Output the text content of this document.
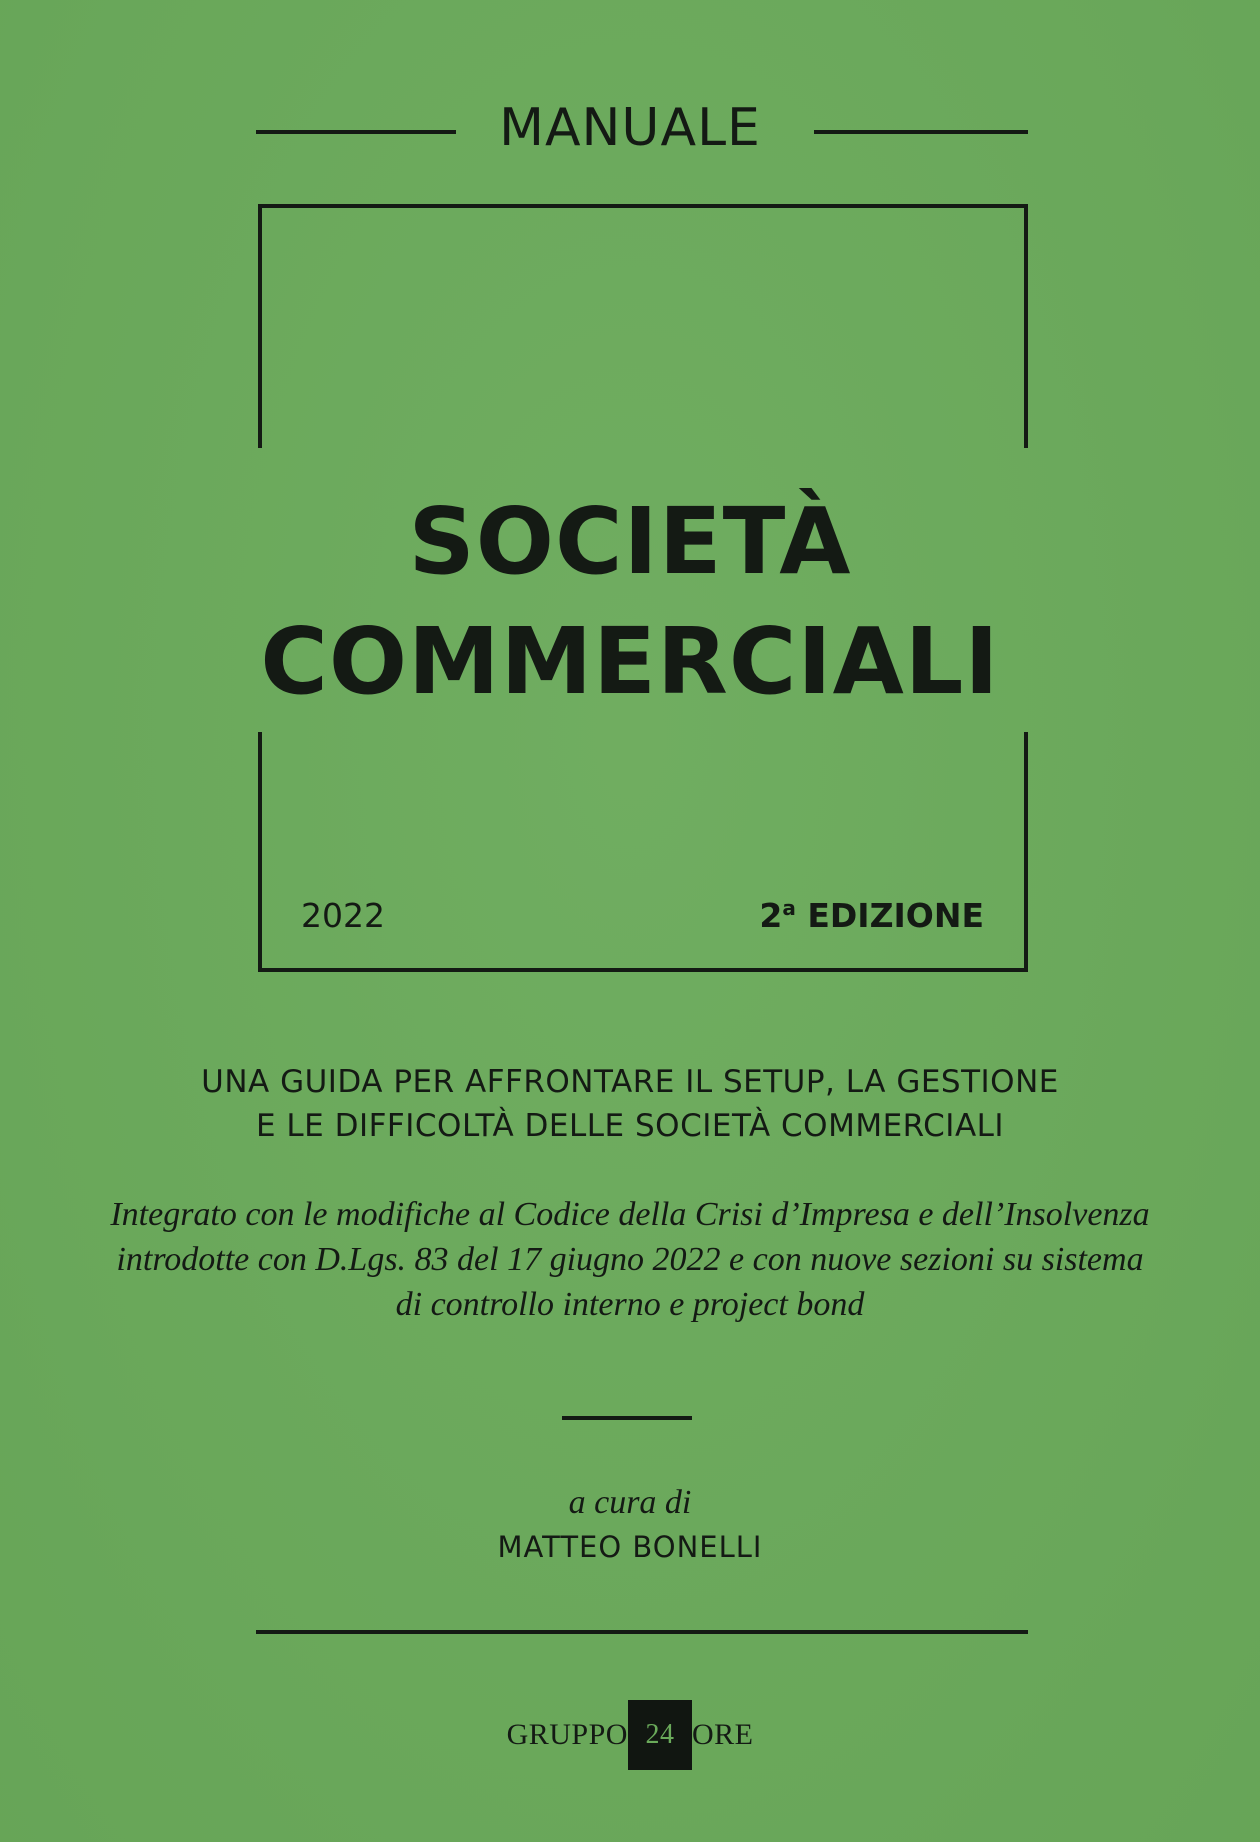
MANUALE
SOCIETÀ
COMMERCIALI
2022	2$^a$ EDIZIONE
UNA GUIDA PER AFFRONTARE IL SETUP, LA GESTIONE
E LE DIFFICOLTÀ DELLE SOCIETÀ COMMERCIALI
Integrato con le modifiche al Codice della Crisi d’Impresa e dell’Insolvenza
introdotte con D.Lgs. 83 del 17 giugno 2022 e con nuove sezioni su sistema
di controllo interno e project bond
a cura di
MATTEO BONELLI
GRUPPO 24 ORE
